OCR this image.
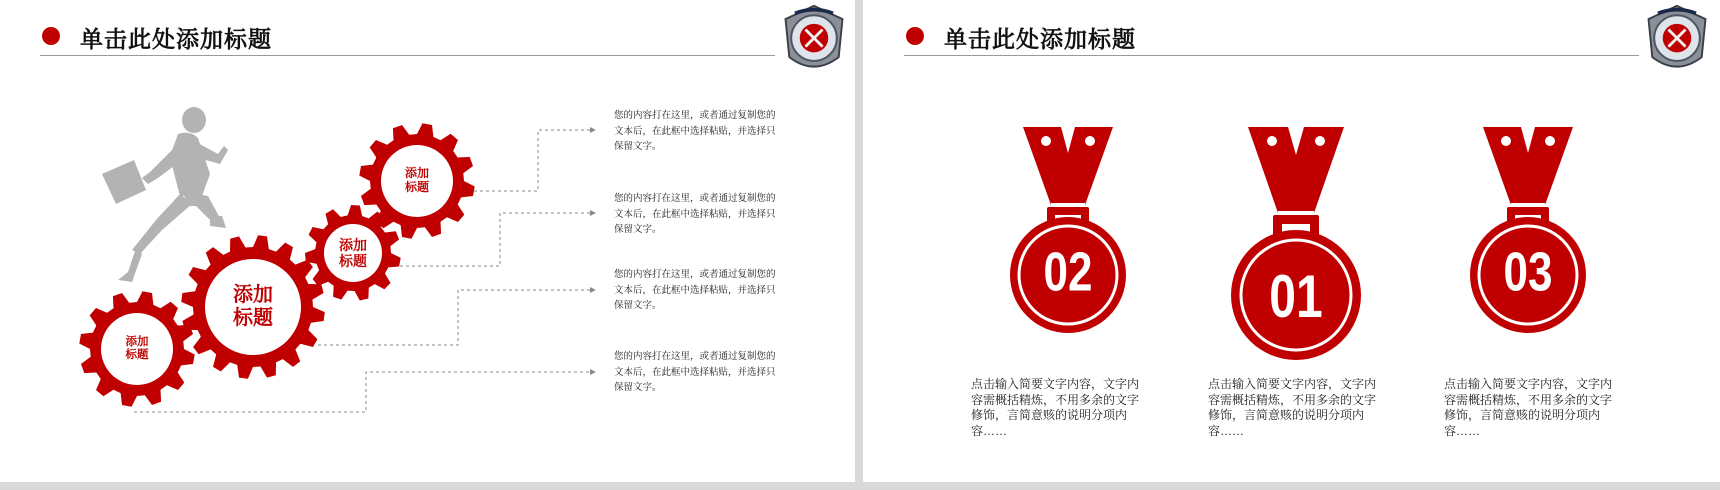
单击此处添加标题
添加
标题
添加
标题
添加
标题
添加
标题
您的内容打在这里，或者通过复制您的文本后，在此框中选择粘贴，并选择只保留文字。
您的内容打在这里，或者通过复制您的文本后，在此框中选择粘贴，并选择只保留文字。
您的内容打在这里，或者通过复制您的文本后，在此框中选择粘贴，并选择只保留文字。
您的内容打在这里，或者通过复制您的文本后，在此框中选择粘贴，并选择只保留文字。
单击此处添加标题
02	01	03
点击输入简要文字内容，文字内容需概括精炼，不用多余的文字修饰，言简意赅的说明分项内容……
点击输入简要文字内容，文字内容需概括精炼，不用多余的文字修饰，言简意赅的说明分项内容……
点击输入简要文字内容，文字内容需概括精炼，不用多余的文字修饰，言简意赅的说明分项内容……
